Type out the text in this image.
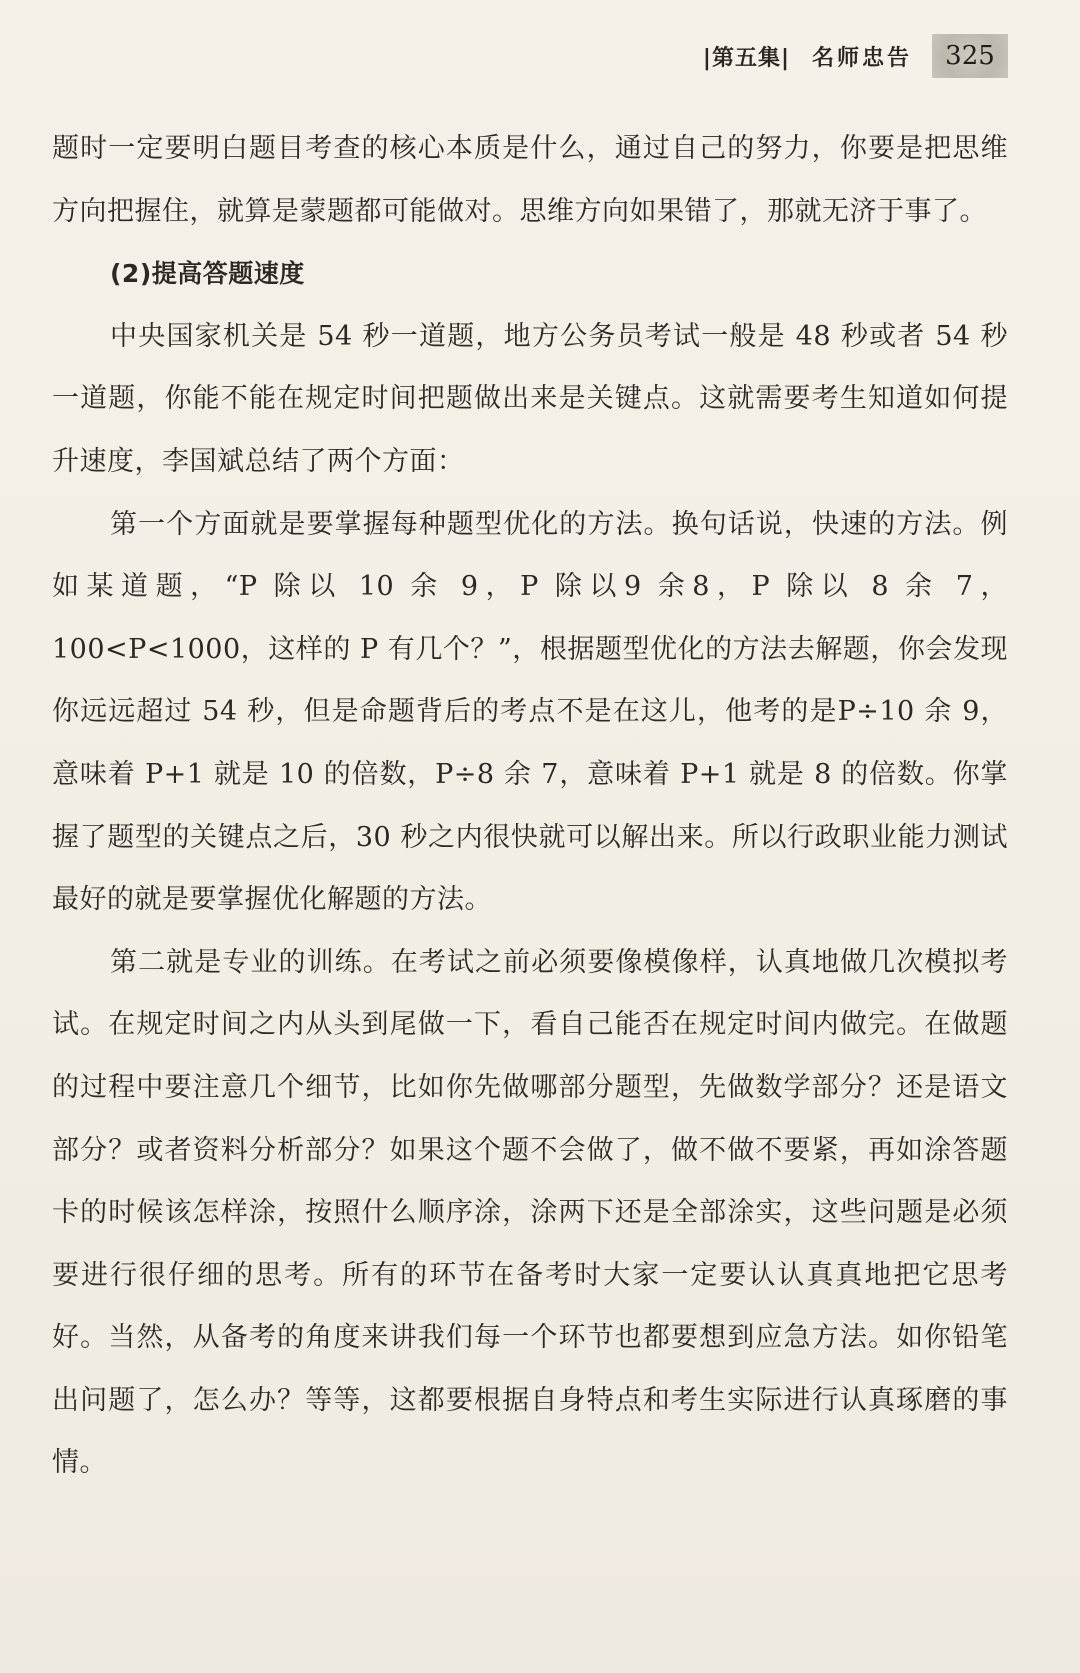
|第五集| 名师忠告	325

题时一定要明白题目考查的核心本质是什么，通过自己的努力，你要是把思维方向把握住，就算是蒙题都可能做对。思维方向如果错了，那就无济于事了。

(2)提高答题速度

中央国家机关是 54 秒一道题，地方公务员考试一般是 48 秒或者 54 秒一道题，你能不能在规定时间把题做出来是关键点。这就需要考生知道如何提升速度，李国斌总结了两个方面：

第一个方面就是要掌握每种题型优化的方法。换句话说，快速的方法。例如某道题，“P 除以 10 余 9，P 除以9 余8，P 除以 8 余 7，100<P<1000，这样的 P 有几个？”，根据题型优化的方法去解题，你会发现你远远超过 54 秒，但是命题背后的考点不是在这儿，他考的是P÷10 余 9，意味着 P+1 就是 10 的倍数，P÷8 余 7，意味着 P+1 就是 8 的倍数。你掌握了题型的关键点之后，30 秒之内很快就可以解出来。所以行政职业能力测试最好的就是要掌握优化解题的方法。

第二就是专业的训练。在考试之前必须要像模像样，认真地做几次模拟考试。在规定时间之内从头到尾做一下，看自己能否在规定时间内做完。在做题的过程中要注意几个细节，比如你先做哪部分题型，先做数学部分？还是语文部分？或者资料分析部分？如果这个题不会做了，做不做不要紧，再如涂答题卡的时候该怎样涂，按照什么顺序涂，涂两下还是全部涂实，这些问题是必须要进行很仔细的思考。所有的环节在备考时大家一定要认认真真地把它思考好。当然，从备考的角度来讲我们每一个环节也都要想到应急方法。如你铅笔出问题了，怎么办？等等，这都要根据自身特点和考生实际进行认真琢磨的事情。
